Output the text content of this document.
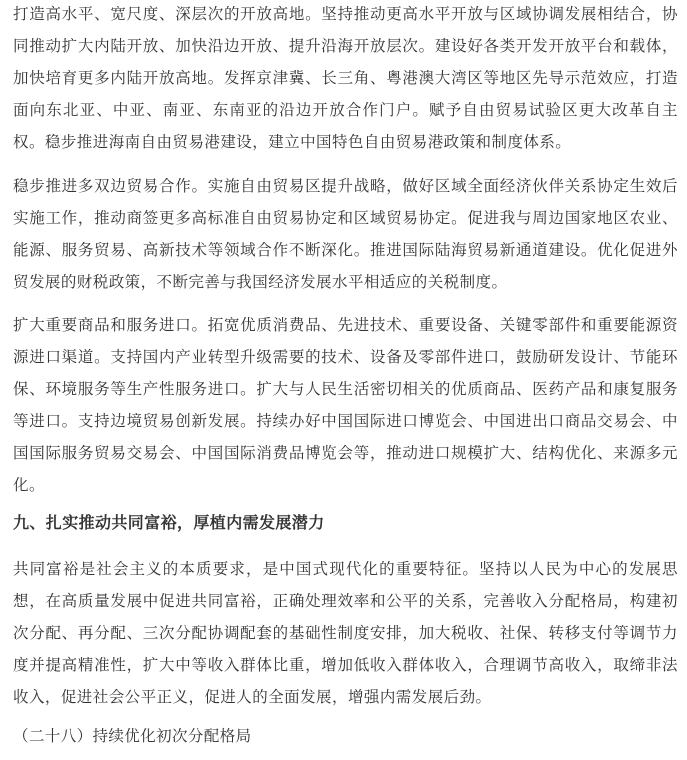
打造高水平、宽尺度、深层次的开放高地。坚持推动更高水平开放与区域协调发展相结合，协同推动扩大内陆开放、加快沿边开放、提升沿海开放层次。建设好各类开发开放平台和载体，加快培育更多内陆开放高地。发挥京津冀、长三角、粤港澳大湾区等地区先导示范效应，打造面向东北亚、中亚、南亚、东南亚的沿边开放合作门户。赋予自由贸易试验区更大改革自主权。稳步推进海南自由贸易港建设，建立中国特色自由贸易港政策和制度体系。

稳步推进多双边贸易合作。实施自由贸易区提升战略，做好区域全面经济伙伴关系协定生效后实施工作，推动商签更多高标准自由贸易协定和区域贸易协定。促进我与周边国家地区农业、能源、服务贸易、高新技术等领域合作不断深化。推进国际陆海贸易新通道建设。优化促进外贸发展的财税政策，不断完善与我国经济发展水平相适应的关税制度。

扩大重要商品和服务进口。拓宽优质消费品、先进技术、重要设备、关键零部件和重要能源资源进口渠道。支持国内产业转型升级需要的技术、设备及零部件进口，鼓励研发设计、节能环保、环境服务等生产性服务进口。扩大与人民生活密切相关的优质商品、医药产品和康复服务等进口。支持边境贸易创新发展。持续办好中国国际进口博览会、中国进出口商品交易会、中国国际服务贸易交易会、中国国际消费品博览会等，推动进口规模扩大、结构优化、来源多元化。

九、扎实推动共同富裕，厚植内需发展潜力

共同富裕是社会主义的本质要求，是中国式现代化的重要特征。坚持以人民为中心的发展思想，在高质量发展中促进共同富裕，正确处理效率和公平的关系，完善收入分配格局，构建初次分配、再分配、三次分配协调配套的基础性制度安排，加大税收、社保、转移支付等调节力度并提高精准性，扩大中等收入群体比重，增加低收入群体收入，合理调节高收入，取缔非法收入，促进社会公平正义，促进人的全面发展，增强内需发展后劲。

（二十八）持续优化初次分配格局
